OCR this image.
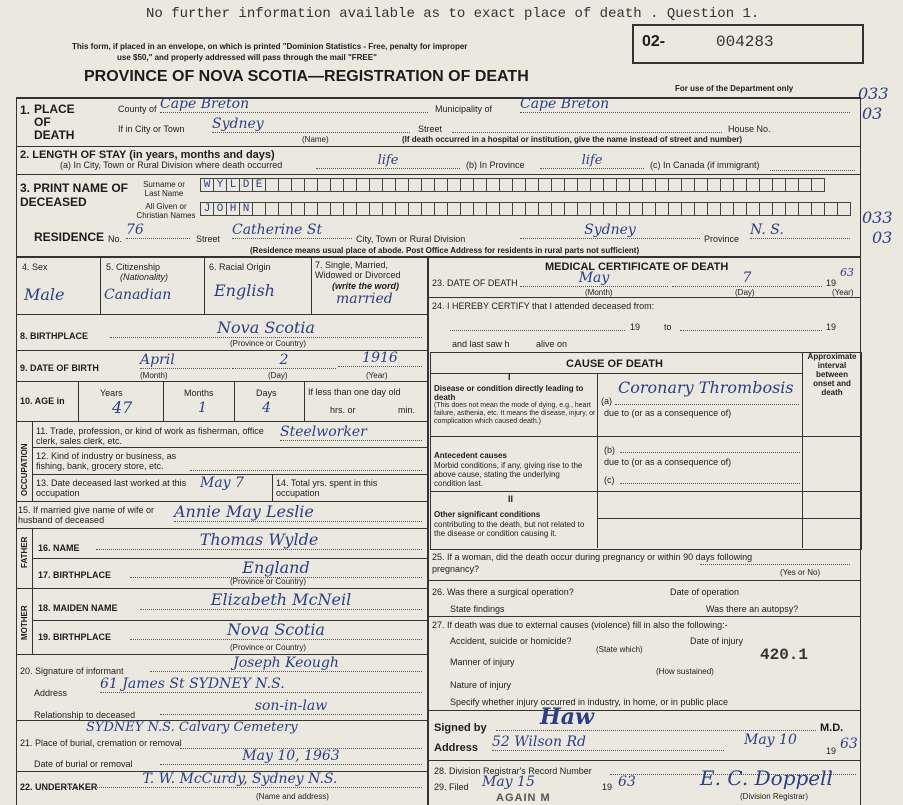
No further information available as to exact place of death . Question 1.
This form, if placed in an envelope, on which is printed "Dominion Statistics - Free, penalty for improper
use $50," and properly addressed will pass through the mail "FREE"
PROVINCE OF NOVA SCOTIA—REGISTRATION OF DEATH
02-	004283
For use of the Department only	033
03
033
03
1. PLACE OF DEATH
County of Cape Breton	Municipality of Cape Breton
If in City or Town Sydney
(Name)
Street	House No.
(If death occurred in a hospital or institution, give the name instead of street and number)
2. LENGTH OF STAY (in years, months and days)
(a) In City, Town or Rural Division where death occurred	life	(b) In Province	life	(c) In Canada (if immigrant)
3. PRINT NAME OF DECEASED
Surname or Last Name
W Y L D E
All Given or Christian Names
J O H N
RESIDENCE No.
76
Street
Catherine St
City, Town or Rural Division
Sydney
Province
N. S.
(Residence means usual place of abode. Post Office Address for residents in rural parts not sufficient)
4. Sex
Male
5. Citizenship
(Nationality)
Canadian
6. Racial Origin
English
7. Single, Married, Widowed or Divorced
(write the word)
married
8. BIRTHPLACE	Nova Scotia
(Province or Country)
9. DATE OF BIRTH	April	2	1916
(Month)	(Day)	(Year)
10. AGE in
Years
47
Months
1
Days
4
If less than one day old
hrs. or	min.
OCCUPATION
11. Trade, profession, or kind of work as fisherman, office clerk, sales clerk, etc.
Steelworker
12. Kind of industry or business, as fishing, bank, grocery store, etc.
13. Date deceased last worked at this occupation
May 7	14. Total yrs. spent in this occupation
15. If married give name of wife or husband of deceased	Annie May Leslie
FATHER 16. NAME	Thomas Wylde
17. BIRTHPLACE	England
(Province or Country)
MOTHER 18. MAIDEN NAME	Elizabeth McNeil
19. BIRTHPLACE	Nova Scotia
(Province or Country)
20. Signature of informant	Joseph Keough
Address
61 James St SYDNEY N.S.
Relationship to deceased
son-in-law
SYDNEY N.S. Calvary Cemetery
21. Place of burial, cremation or removal
Date of burial or removal	May 10, 1963
22. UNDERTAKER	T. W. McCurdy, Sydney N.S.
(Name and address)
MEDICAL CERTIFICATE OF DEATH
23. DATE OF DEATH	May	7	19
63
(Month)	(Day)	(Year)
24. I HEREBY CERTIFY that I attended deceased from:
19	to	19
and last saw h	alive on
CAUSE OF DEATH
Approximate interval between onset and death
I
Disease or condition directly leading to death
(This does not mean the mode of dying, e.g., heart failure, asthenia, etc. It means the disease, injury, or complication which caused death.)
(a)
Coronary Thrombosis
due to (or as a consequence of)
Antecedent causes
Morbid conditions, if any, giving rise to the above cause, stating the underlying condition last.
(b)
due to (or as a consequence of)
(c)
II
Other significant conditions
contributing to the death, but not related to the disease or condition causing it.
25. If a woman, did the death occur during pregnancy or within 90 days following pregnancy?	(Yes or No)
26. Was there a surgical operation?	Date of operation
State findings	Was there an autopsy?
27. If death was due to external causes (violence) fill in also the following:-
Accident, suicide or homicide?	Date of injury
(State which)	420.1
Manner of injury
(How sustained)
Nature of injury
Specify whether injury occurred in industry, in home, or in public place
Signed by Haw	M.D.
Address 52 Wilson Rd	May 10
19 63
28. Division Registrar's Record Number
29. Filed May 15	19 63	E. C. Doppell
(Division Registrar)
AGAIN M
